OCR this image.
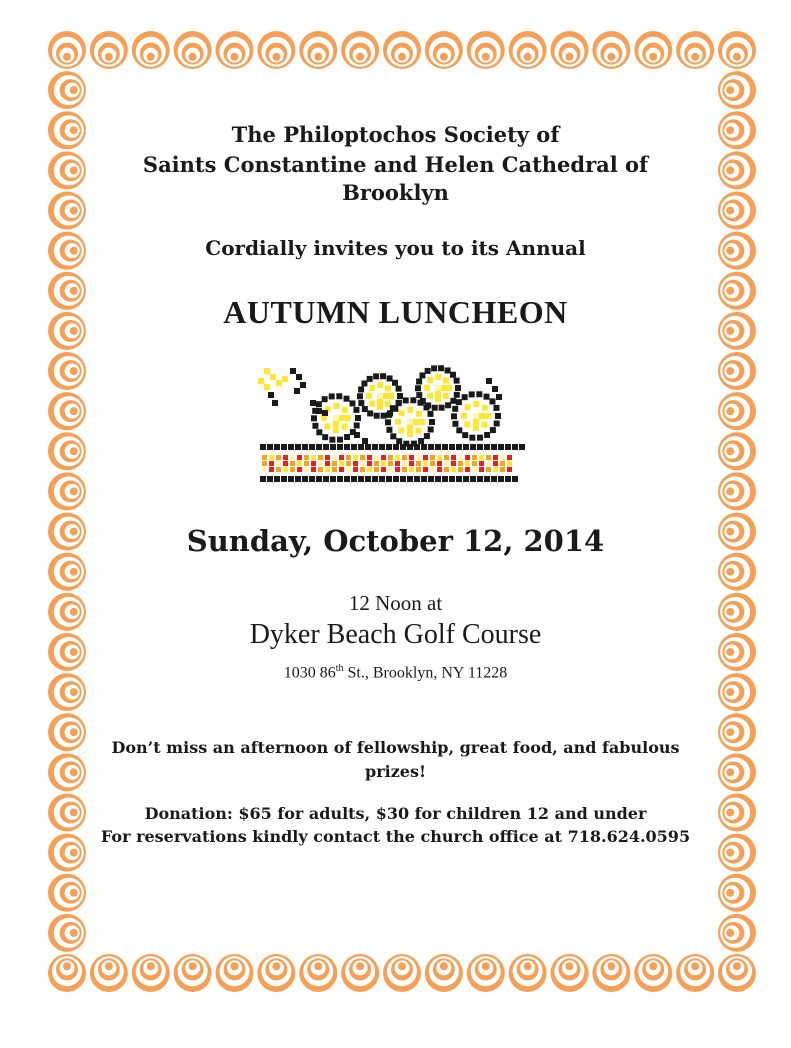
The Philoptochos Society of
Saints Constantine and Helen Cathedral of
Brooklyn
Cordially invites you to its Annual
AUTUMN LUNCHEON
Sunday, October 12, 2014
12 Noon at
Dyker Beach Golf Course
1030 86th St., Brooklyn, NY 11228
Don’t miss an afternoon of fellowship, great food, and fabulous
prizes!
Donation: $65 for adults, $30 for children 12 and under
For reservations kindly contact the church office at 718.624.0595
